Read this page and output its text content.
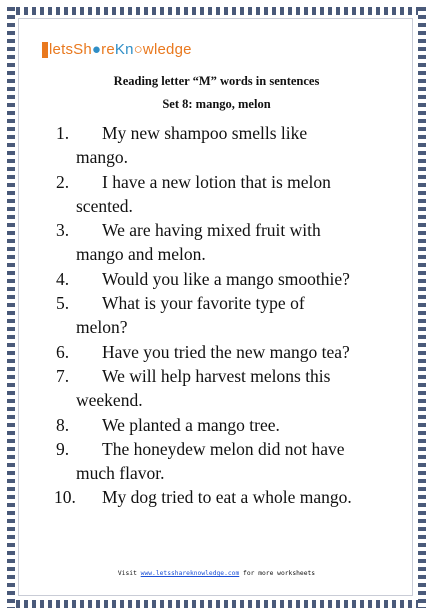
letsSh●reKn○wledge
Reading letter “M” words in sentences
Set 8: mango, melon
1.	My new shampoo smells like
mango.
2.	I have a new lotion that is melon
scented.
3.	We are having mixed fruit with
mango and melon.
4.	Would you like a mango smoothie?
5.	What is your favorite type of
melon?
6.	Have you tried the new mango tea?
7.	We will help harvest melons this
weekend.
8.	We planted a mango tree.
9.	The honeydew melon did not have
much flavor.
10.	My dog tried to eat a whole mango.
Visit www.letsshareknowledge.com for more worksheets
